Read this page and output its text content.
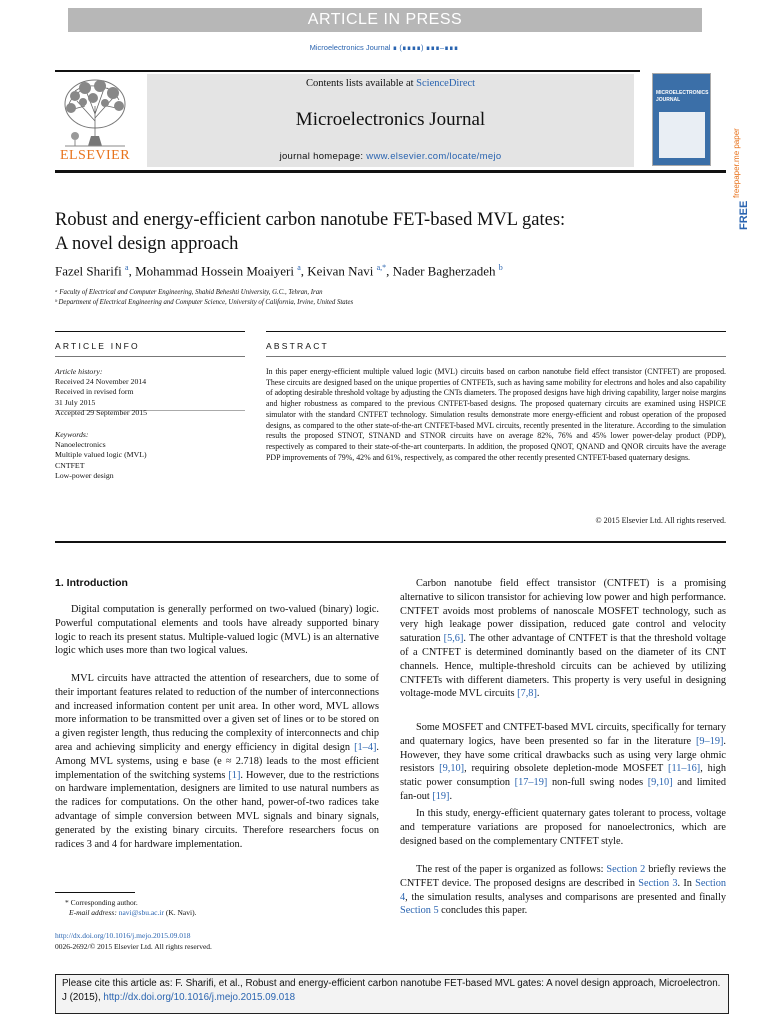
ARTICLE IN PRESS
Microelectronics Journal ∎ (∎∎∎∎) ∎∎∎–∎∎∎
Contents lists available at ScienceDirect
Microelectronics Journal
journal homepage: www.elsevier.com/locate/mejo
ELSEVIER
MICROELECTRONICS JOURNAL
FREE
freepaper.me paper
Robust and energy-efficient carbon nanotube FET-based MVL gates:
A novel design approach
Fazel Sharifi $^a$, Mohammad Hossein Moaiyeri $^a$, Keivan Navi $^{a,*}$, Nader Bagherzadeh $^b$
ᵃ Faculty of Electrical and Computer Engineering, Shahid Beheshti University, G.C., Tehran, Iran
ᵇ Department of Electrical Engineering and Computer Science, University of California, Irvine, United States
ARTICLE INFO	ABSTRACT
Article history:
Received 24 November 2014
Received in revised form
31 July 2015
Accepted 29 September 2015
Keywords:
Nanoelectronics
Multiple valued logic (MVL)
CNTFET
Low-power design
In this paper energy-efficient multiple valued logic (MVL) circuits based on carbon nanotube field effect transistor (CNTFET) are proposed. These circuits are designed based on the unique properties of CNTFETs, such as having same mobility for electrons and holes and also capability of adopting desirable threshold voltage by adjusting the CNTs diameters. The proposed designs have high driving capability, larger noise margins and higher robustness as compared to the previous CNTFET-based designs. The proposed quaternary circuits are examined using HSPICE simulator with the standard CNTFET technology. Simulation results demonstrate more energy-efficient and robust operation of the proposed designs, as compared to the other state-of-the-art CNTFET-based MVL circuits, recently presented in the literature. According to the simulation results the proposed STNOT, STNAND and STNOR circuits have on average 82%, 76% and 45% lower power-delay product (PDP), respectively as compared to their state-of-the-art counterparts. In addition, the proposed QNOT, QNAND and QNOR circuits have the average PDP improvements of 79%, 42% and 61%, respectively, as compared the other recently presented CNTFET-based quaternary designs.
© 2015 Elsevier Ltd. All rights reserved.
1. Introduction
Digital computation is generally performed on two-valued (binary) logic. Powerful computational elements and tools have already supported binary logic to reach its present status. Multiple-valued logic (MVL) is an alternative logic which uses more than two logical values.
MVL circuits have attracted the attention of researchers, due to some of their important features related to reduction of the number of interconnections and increased information content per unit area. In other word, MVL allows more information to be transmitted over a given set of lines or to be stored on a given register length, thus reducing the complexity of interconnects and chip area and achieving simplicity and energy efficiency in digital design [1–4]. Among MVL systems, using e base (e ≈ 2.718) leads to the most efficient implementation of the switching systems [1]. However, due to the restrictions on hardware implementation, designers are limited to use natural numbers as the radices for computations. On the other hand, power-of-two radices take advantage of simple conversion between MVL signals and binary signals, generated by the existing binary circuits. Therefore researchers focus on radices 3 and 4 for hardware implementation.
Carbon nanotube field effect transistor (CNTFET) is a promising alternative to silicon transistor for achieving low power and high performance. CNTFET avoids most problems of nanoscale MOSFET technology, such as very high leakage power dissipation, reduced gate control and velocity saturation [5,6]. The other advantage of CNTFET is that the threshold voltage of a CNTFET is determined dominantly based on the diameter of its CNT channels. Hence, multiple-threshold circuits can be achieved by utilizing CNTFETs with different diameters. This property is very useful in designing voltage-mode MVL circuits [7,8].
Some MOSFET and CNTFET-based MVL circuits, specifically for ternary and quaternary logics, have been presented so far in the literature [9–19]. However, they have some critical drawbacks such as using very large ohmic resistors [9,10], requiring obsolete depletion-mode MOSFET [11–16], high static power consumption [17–19] non-full swing nodes [9,10] and limited fan-out [19].
In this study, energy-efficient quaternary gates tolerant to process, voltage and temperature variations are proposed for nanoelectronics, which are designed based on the complementary CNTFET style.
The rest of the paper is organized as follows: Section 2 briefly reviews the CNTFET device. The proposed designs are described in Section 3. In Section 4, the simulation results, analyses and comparisons are presented and finally Section 5 concludes this paper.
* Corresponding author.
E-mail address: navi@sbu.ac.ir (K. Navi).
http://dx.doi.org/10.1016/j.mejo.2015.09.018
0026-2692/© 2015 Elsevier Ltd. All rights reserved.
Please cite this article as: F. Sharifi, et al., Robust and energy-efficient carbon nanotube FET-based MVL gates: A novel design approach, Microelectron. J (2015), http://dx.doi.org/10.1016/j.mejo.2015.09.018
